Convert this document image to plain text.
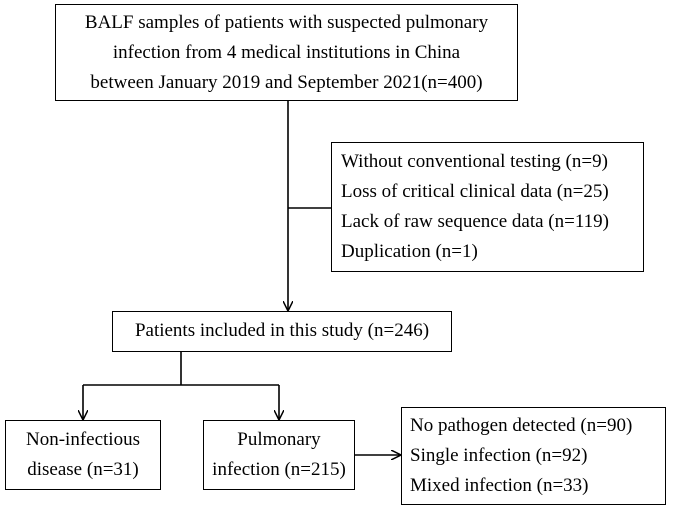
BALF samples of patients with suspected pulmonary
infection from 4 medical institutions in China
between January 2019 and September 2021(n=400)
Without conventional testing (n=9)
Loss of critical clinical data (n=25)
Lack of raw sequence data (n=119)
Duplication (n=1)
Patients included in this study (n=246)
Non-infectious
disease (n=31)
Pulmonary
infection (n=215)
No pathogen detected (n=90)
Single infection (n=92)
Mixed infection (n=33)
